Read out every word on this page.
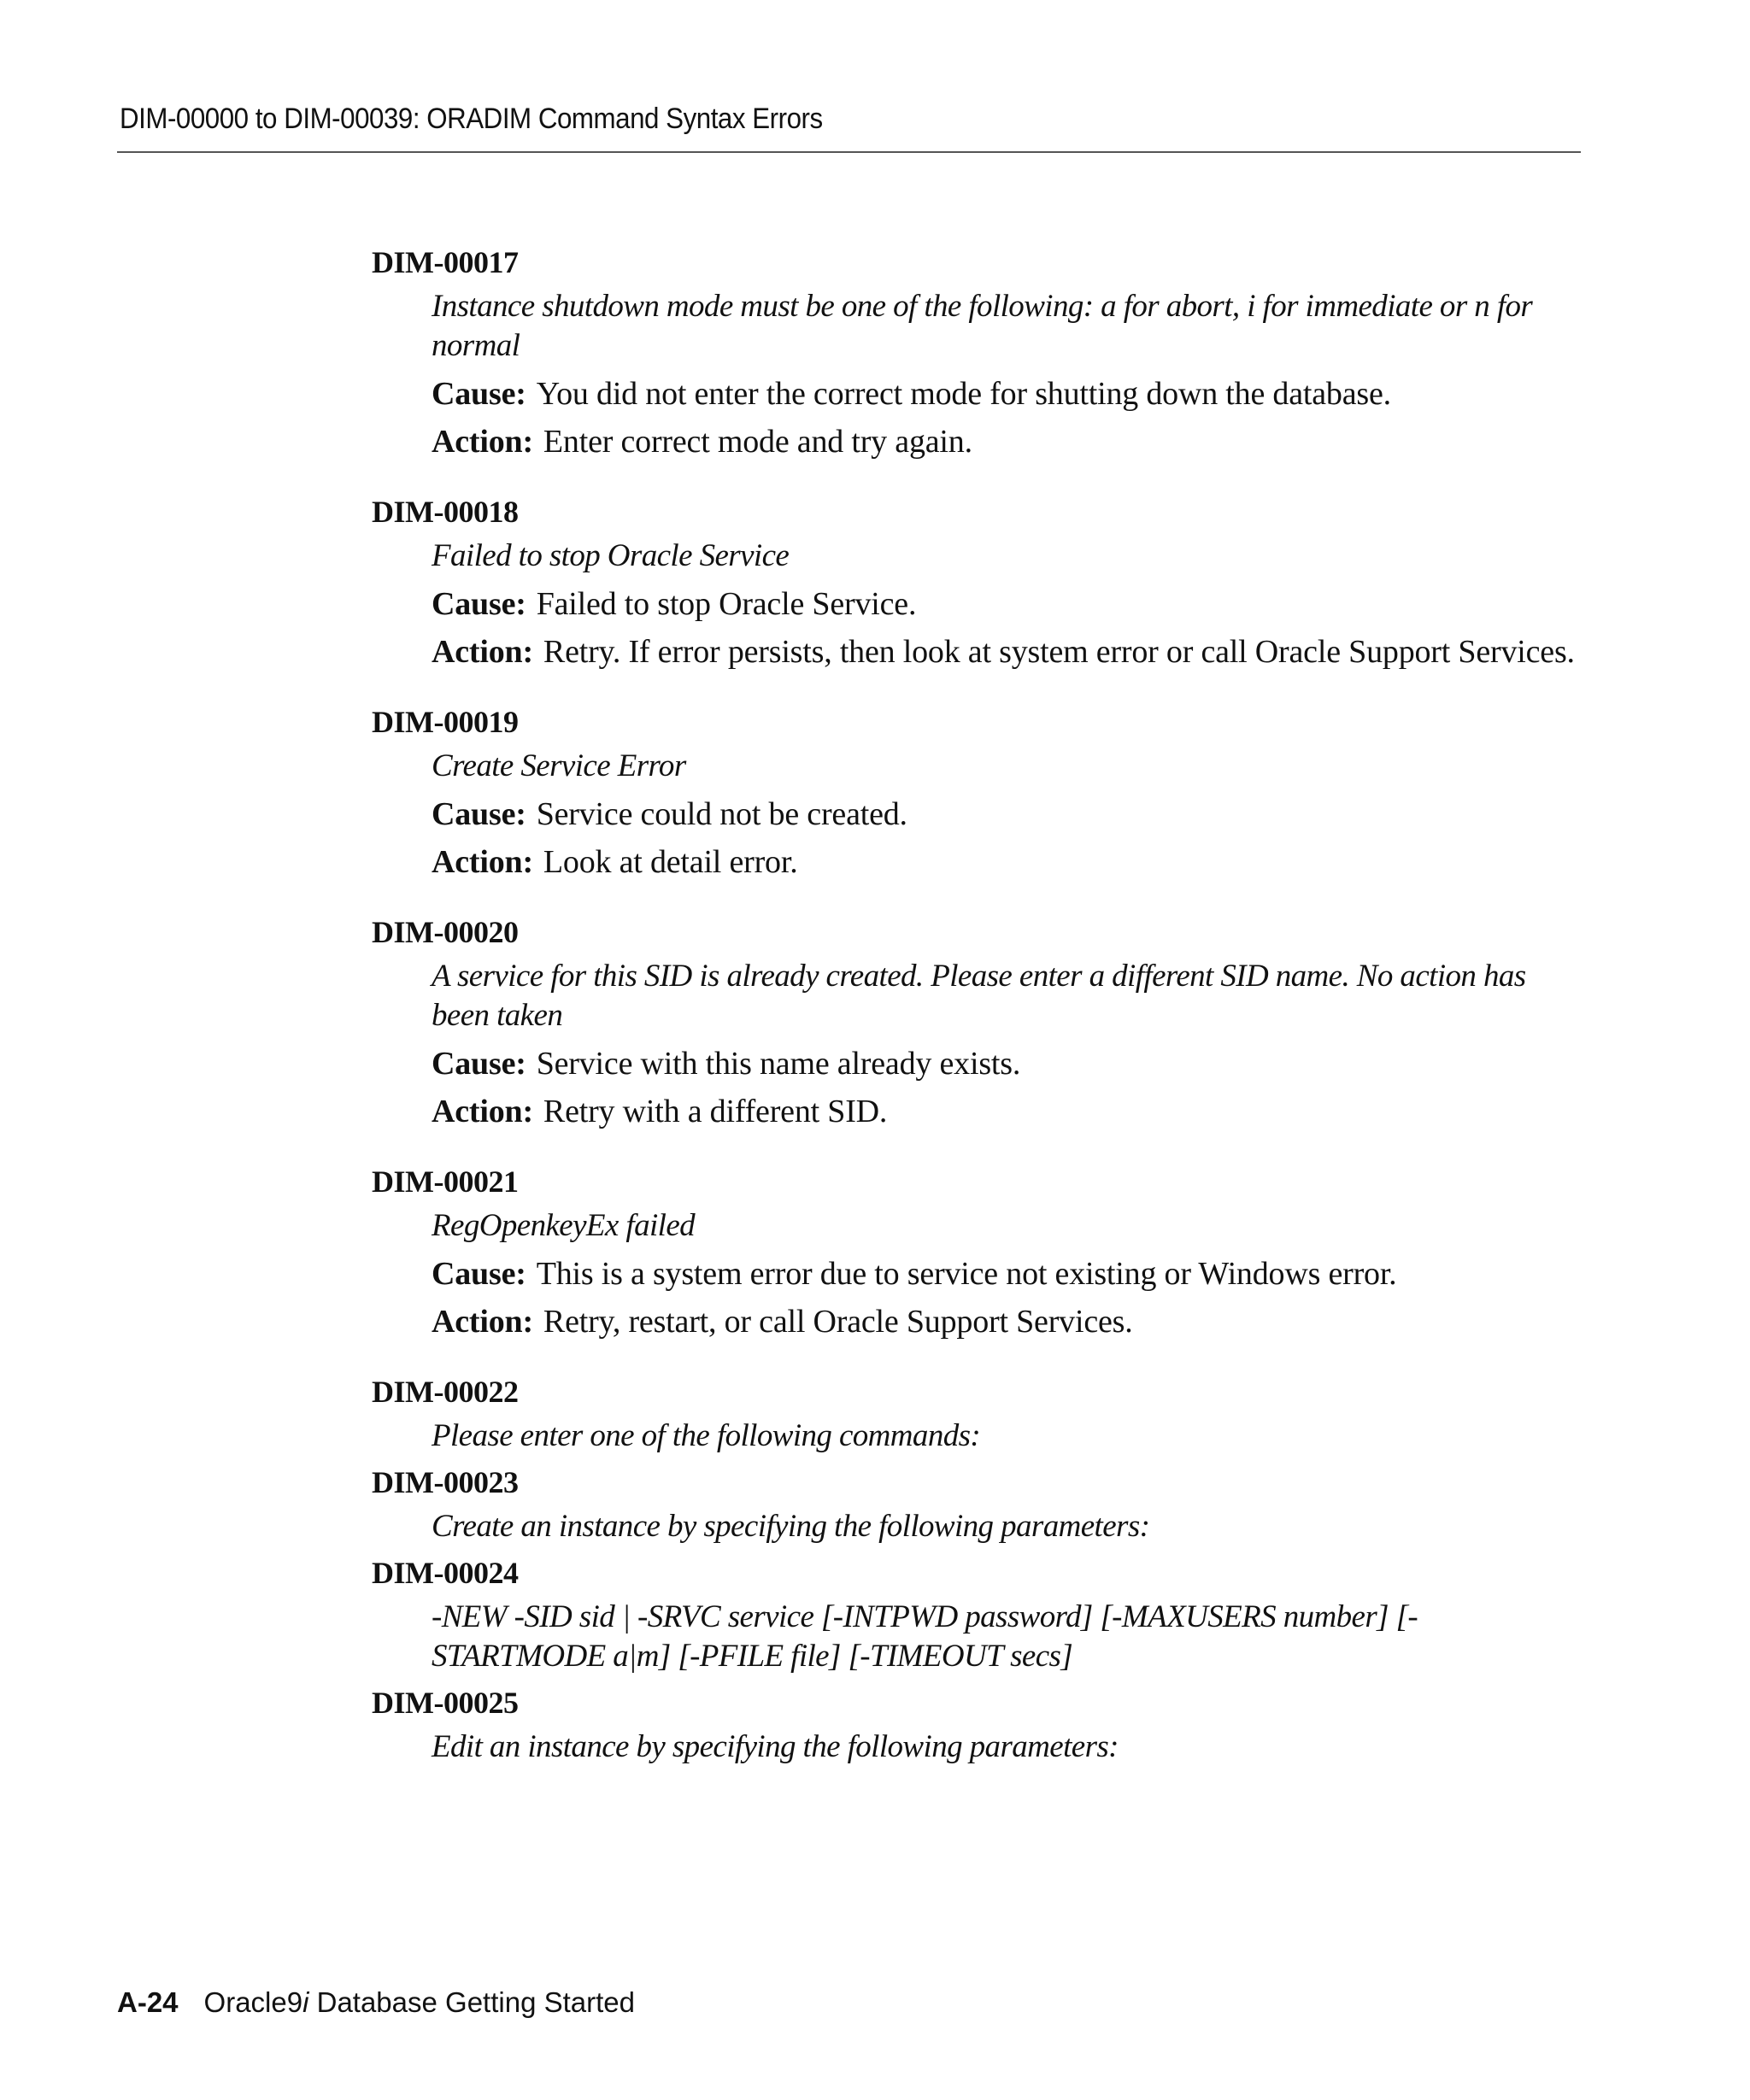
DIM-00000 to DIM-00039: ORADIM Command Syntax Errors
DIM-00017
Instance shutdown mode must be one of the following: a for abort, i for immediate or n for normal
Cause: You did not enter the correct mode for shutting down the database.
Action: Enter correct mode and try again.
DIM-00018
Failed to stop Oracle Service
Cause: Failed to stop Oracle Service.
Action: Retry. If error persists, then look at system error or call Oracle Support Services.
DIM-00019
Create Service Error
Cause: Service could not be created.
Action: Look at detail error.
DIM-00020
A service for this SID is already created. Please enter a different SID name. No action has been taken
Cause: Service with this name already exists.
Action: Retry with a different SID.
DIM-00021
RegOpenkeyEx failed
Cause: This is a system error due to service not existing or Windows error.
Action: Retry, restart, or call Oracle Support Services.
DIM-00022
Please enter one of the following commands:
DIM-00023
Create an instance by specifying the following parameters:
DIM-00024
-NEW -SID sid | -SRVC service [-INTPWD password] [-MAXUSERS number] [-STARTMODE a|m] [-PFILE file] [-TIMEOUT secs]
DIM-00025
Edit an instance by specifying the following parameters:
A-24 Oracle9i Database Getting Started
